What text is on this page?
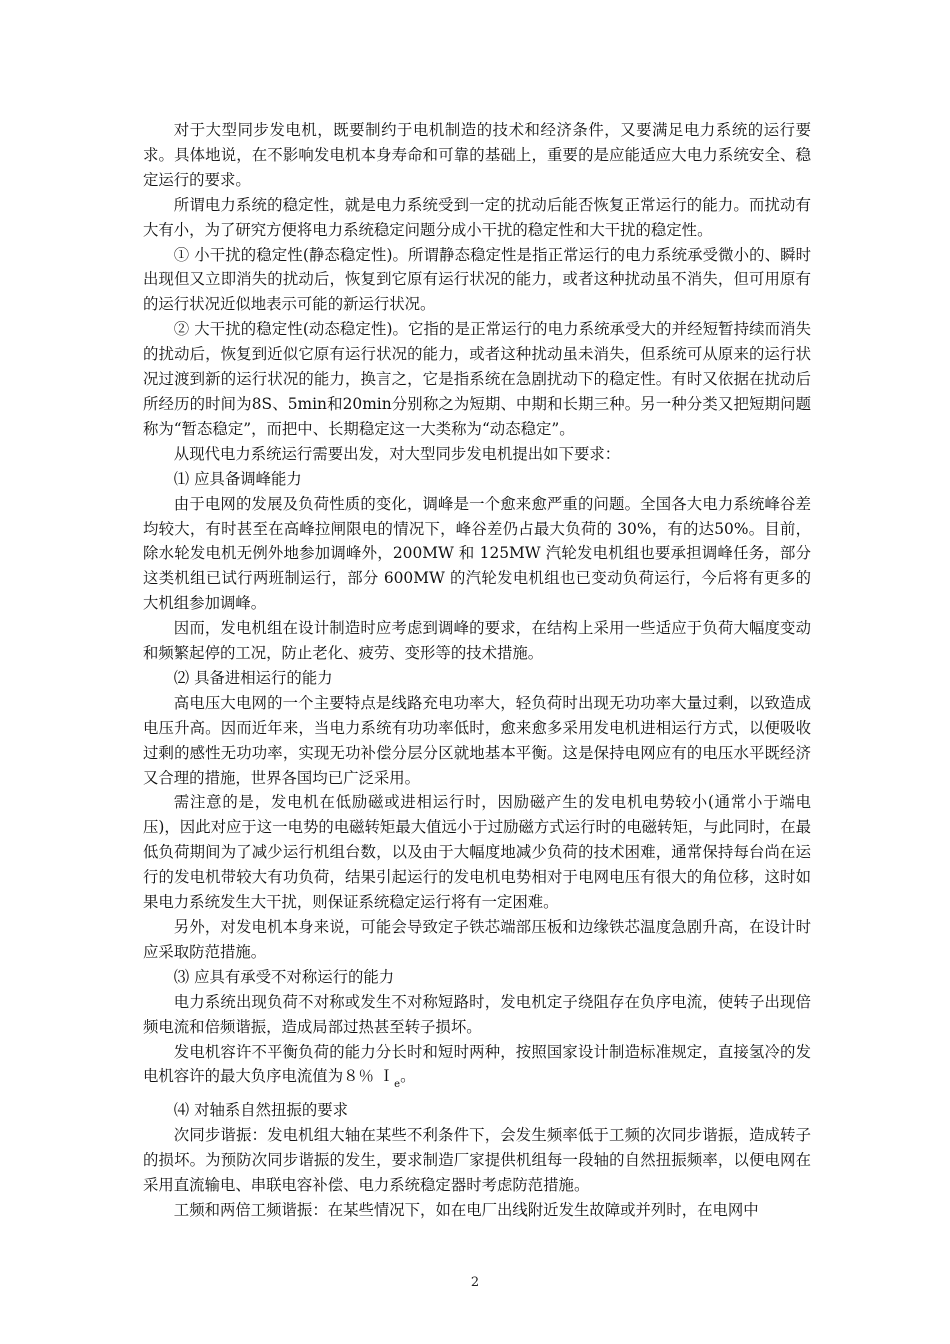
对于大型同步发电机，既要制约于电机制造的技术和经济条件，又要满足电力系统的运行要求。具体地说，在不影响发电机本身寿命和可靠的基础上，重要的是应能适应大电力系统安全、稳定运行的要求。

所谓电力系统的稳定性，就是电力系统受到一定的扰动后能否恢复正常运行的能力。而扰动有大有小，为了研究方便将电力系统稳定问题分成小干扰的稳定性和大干扰的稳定性。

① 小干扰的稳定性(静态稳定性)。所谓静态稳定性是指正常运行的电力系统承受微小的、瞬时出现但又立即消失的扰动后，恢复到它原有运行状况的能力，或者这种扰动虽不消失，但可用原有的运行状况近似地表示可能的新运行状况。

② 大干扰的稳定性(动态稳定性)。它指的是正常运行的电力系统承受大的并经短暂持续而消失的扰动后，恢复到近似它原有运行状况的能力，或者这种扰动虽未消失，但系统可从原来的运行状况过渡到新的运行状况的能力，换言之，它是指系统在急剧扰动下的稳定性。有时又依据在扰动后所经历的时间为8S、5min和20min分别称之为短期、中期和长期三种。另一种分类又把短期问题称为“暂态稳定”，而把中、长期稳定这一大类称为“动态稳定”。

从现代电力系统运行需要出发，对大型同步发电机提出如下要求：

⑴ 应具备调峰能力

由于电网的发展及负荷性质的变化，调峰是一个愈来愈严重的问题。全国各大电力系统峰谷差均较大，有时甚至在高峰拉闸限电的情况下，峰谷差仍占最大负荷的 30%，有的达50%。目前，除水轮发电机无例外地参加调峰外，200MW 和 125MW 汽轮发电机组也要承担调峰任务，部分这类机组已试行两班制运行，部分 600MW 的汽轮发电机组也已变动负荷运行，今后将有更多的大机组参加调峰。

因而，发电机组在设计制造时应考虑到调峰的要求，在结构上采用一些适应于负荷大幅度变动和频繁起停的工况，防止老化、疲劳、变形等的技术措施。

⑵ 具备进相运行的能力

高电压大电网的一个主要特点是线路充电功率大，轻负荷时出现无功功率大量过剩，以致造成电压升高。因而近年来，当电力系统有功功率低时，愈来愈多采用发电机进相运行方式，以便吸收过剩的感性无功功率，实现无功补偿分层分区就地基本平衡。这是保持电网应有的电压水平既经济又合理的措施，世界各国均已广泛采用。

需注意的是，发电机在低励磁或进相运行时，因励磁产生的发电机电势较小(通常小于端电压)，因此对应于这一电势的电磁转矩最大值远小于过励磁方式运行时的电磁转矩，与此同时，在最低负荷期间为了减少运行机组台数，以及由于大幅度地减少负荷的技术困难，通常保持每台尚在运行的发电机带较大有功负荷，结果引起运行的发电机电势相对于电网电压有很大的角位移，这时如果电力系统发生大干扰，则保证系统稳定运行将有一定困难。

另外，对发电机本身来说，可能会导致定子铁芯端部压板和边缘铁芯温度急剧升高，在设计时应采取防范措施。

⑶ 应具有承受不对称运行的能力

电力系统出现负荷不对称或发生不对称短路时，发电机定子绕阻存在负序电流，使转子出现倍频电流和倍频谐振，造成局部过热甚至转子损坏。

发电机容许不平衡负荷的能力分长时和短时两种，按照国家设计制造标准规定，直接氢冷的发电机容许的最大负序电流值为８％ Ｉ$_e$。

⑷ 对轴系自然扭振的要求

次同步谐振：发电机组大轴在某些不利条件下，会发生频率低于工频的次同步谐振，造成转子的损坏。为预防次同步谐振的发生，要求制造厂家提供机组每一段轴的自然扭振频率，以便电网在采用直流输电、串联电容补偿、电力系统稳定器时考虑防范措施。

工频和两倍工频谐振：在某些情况下，如在电厂出线附近发生故障或并列时，在电网中

2
